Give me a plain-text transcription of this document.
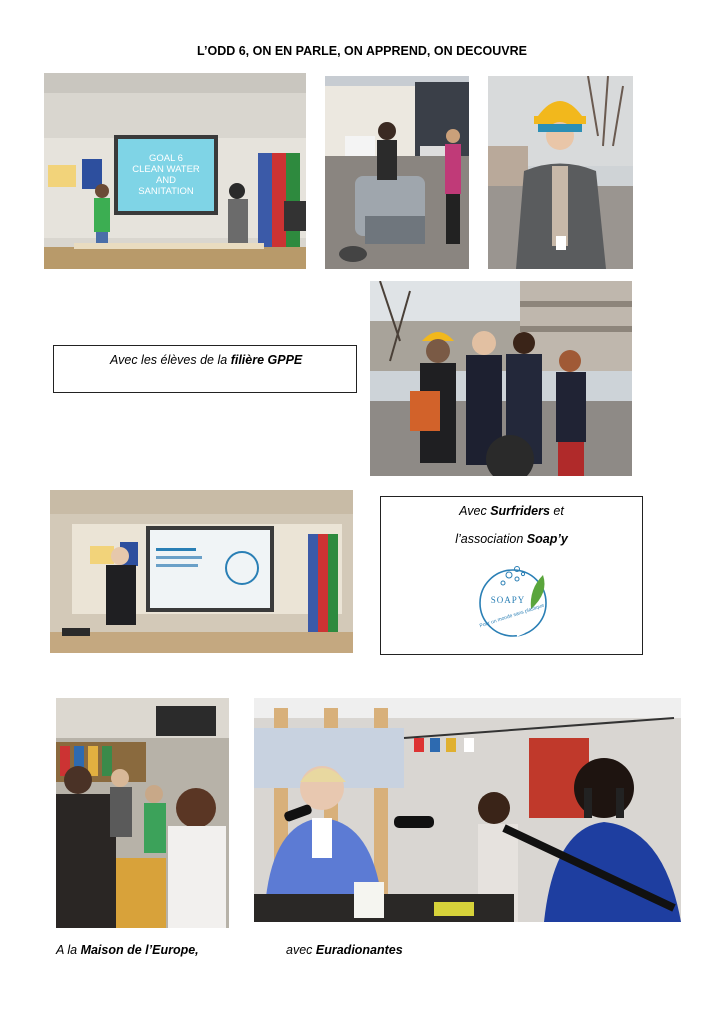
L’ODD 6, ON EN PARLE, ON APPREND, ON DECOUVRE
GOAL 6
CLEAN WATER AND
SANITATION
Avec les élèves de la filière GPPE
Avec Surfriders et
l’association Soap’y
SOAPY
Pour un monde sans plastique
A la Maison de l’Europe,	avec Euradionantes
